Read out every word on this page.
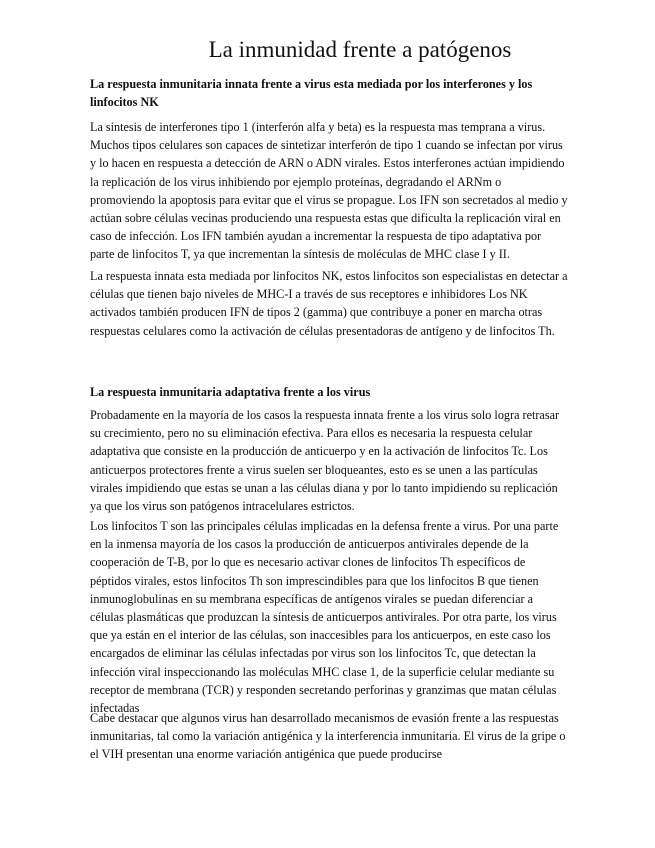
La inmunidad frente a patógenos

La respuesta inmunitaria innata frente a virus esta mediada por los interferones y los linfocitos NK

La síntesis de interferones tipo 1 (interferón alfa y beta) es la respuesta mas temprana a virus. Muchos tipos celulares son capaces de sintetizar interferón de tipo 1 cuando se infectan por virus y lo hacen en respuesta a detección de ARN o ADN virales. Estos interferones actúan impidiendo la replicación de los virus inhibiendo por ejemplo proteínas, degradando el ARNm o promoviendo la apoptosis para evitar que el virus se propague. Los IFN son secretados al medio y actúan sobre células vecinas produciendo una respuesta estas que dificulta la replicación viral en caso de infección. Los IFN también ayudan a incrementar la respuesta de tipo adaptativa por parte de linfocitos T, ya que incrementan la síntesis de moléculas de MHC clase I y II.

La respuesta innata esta mediada por linfocitos NK, estos linfocitos son especialistas en detectar a células que tienen bajo niveles de MHC-I a través de sus receptores e inhibidores Los NK activados también producen IFN de tipos 2 (gamma) que contribuye a poner en marcha otras respuestas celulares como la activación de células presentadoras de antígeno y de linfocitos Th.

La respuesta inmunitaria adaptativa frente a los virus

Probadamente en la mayoría de los casos la respuesta innata frente a los virus solo logra retrasar su crecimiento, pero no su eliminación efectiva. Para ellos es necesaria la respuesta celular adaptativa que consiste en la producción de anticuerpo y en la activación de linfocitos Tc. Los anticuerpos protectores frente a virus suelen ser bloqueantes, esto es se unen a las partículas virales impidiendo que estas se unan a las células diana y por lo tanto impidiendo su replicación ya que los virus son patógenos intracelulares estrictos.

Los linfocitos T son las principales células implicadas en la defensa frente a virus. Por una parte en la inmensa mayoría de los casos la producción de anticuerpos antivirales depende de la cooperación de T-B, por lo que es necesario activar clones de linfocitos Th específicos de péptidos virales, estos linfocitos Th son imprescindibles para que los linfocitos B que tienen inmunoglobulinas en su membrana específicas de antígenos virales se puedan diferenciar a células plasmáticas que produzcan la síntesis de anticuerpos antivirales. Por otra parte, los virus que ya están en el interior de las células, son inaccesibles para los anticuerpos, en este caso los encargados de eliminar las células infectadas por virus son los linfocitos Tc, que detectan la infección viral inspeccionando las moléculas MHC clase 1, de la superficie celular mediante su receptor de membrana (TCR) y responden secretando perforinas y granzimas que matan células infectadas

Cabe destacar que algunos virus han desarrollado mecanismos de evasión frente a las respuestas inmunitarias, tal como la variación antigénica y la interferencia inmunitaria. El virus de la gripe o el VIH presentan una enorme variación antigénica que puede producirse
